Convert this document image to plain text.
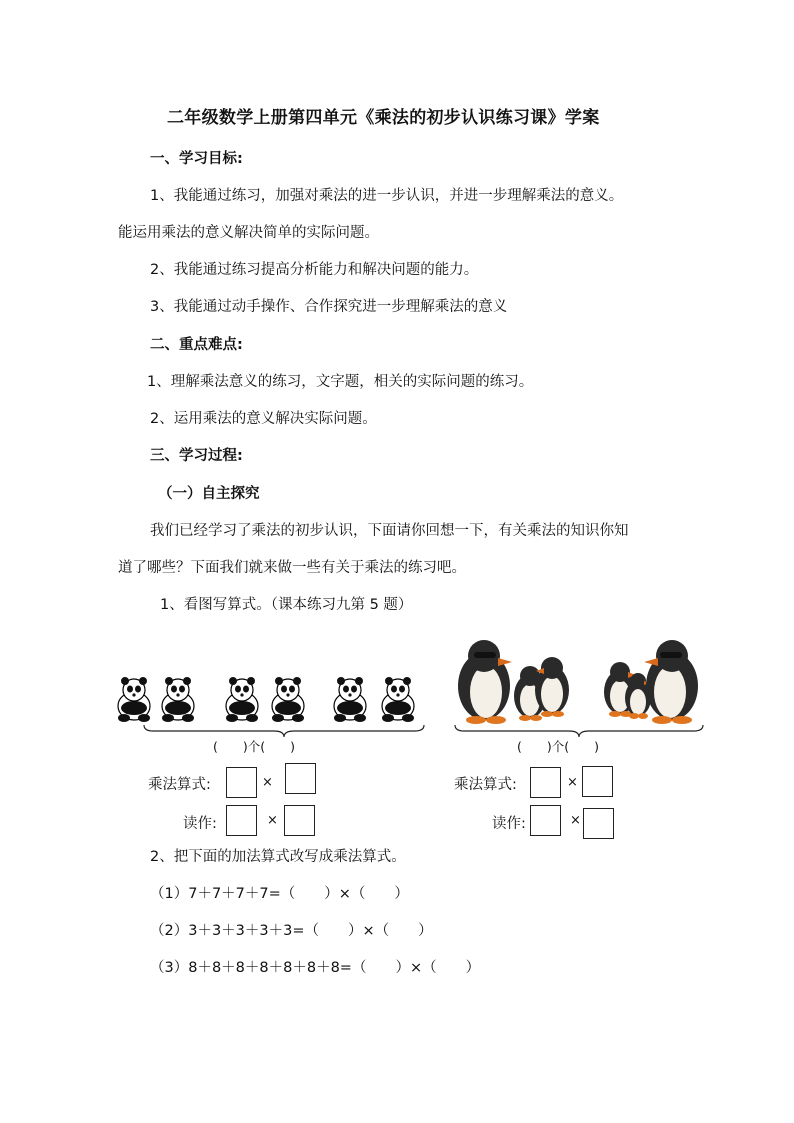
二年级数学上册第四单元《乘法的初步认识练习课》学案
一、学习目标:
1、我能通过练习，加强对乘法的进一步认识，并进一步理解乘法的意义。
能运用乘法的意义解决简单的实际问题。
2、我能通过练习提高分析能力和解决问题的能力。
3、我能通过动手操作、合作探究进一步理解乘法的意义
二、重点难点:
1、理解乘法意义的练习，文字题，相关的实际问题的练习。
2、运用乘法的意义解决实际问题。
三、学习过程:
（一）自主探究
我们已经学习了乘法的初步认识，下面请你回想一下，有关乘法的知识你知
道了哪些？下面我们就来做一些有关于乘法的练习吧。
1、看图写算式。（课本练习九第 5 题）
(　　)个(　　)	(　　)个(　　)
乘法算式:	×
读作:	×
乘法算式:	×
读作:	×
2、把下面的加法算式改写成乘法算式。
（1）7＋7＋7＋7=（　　）×（　　）
（2）3＋3＋3＋3＋3=（　　）×（　　）
（3）8＋8＋8＋8＋8＋8＋8=（　　）×（　　）
